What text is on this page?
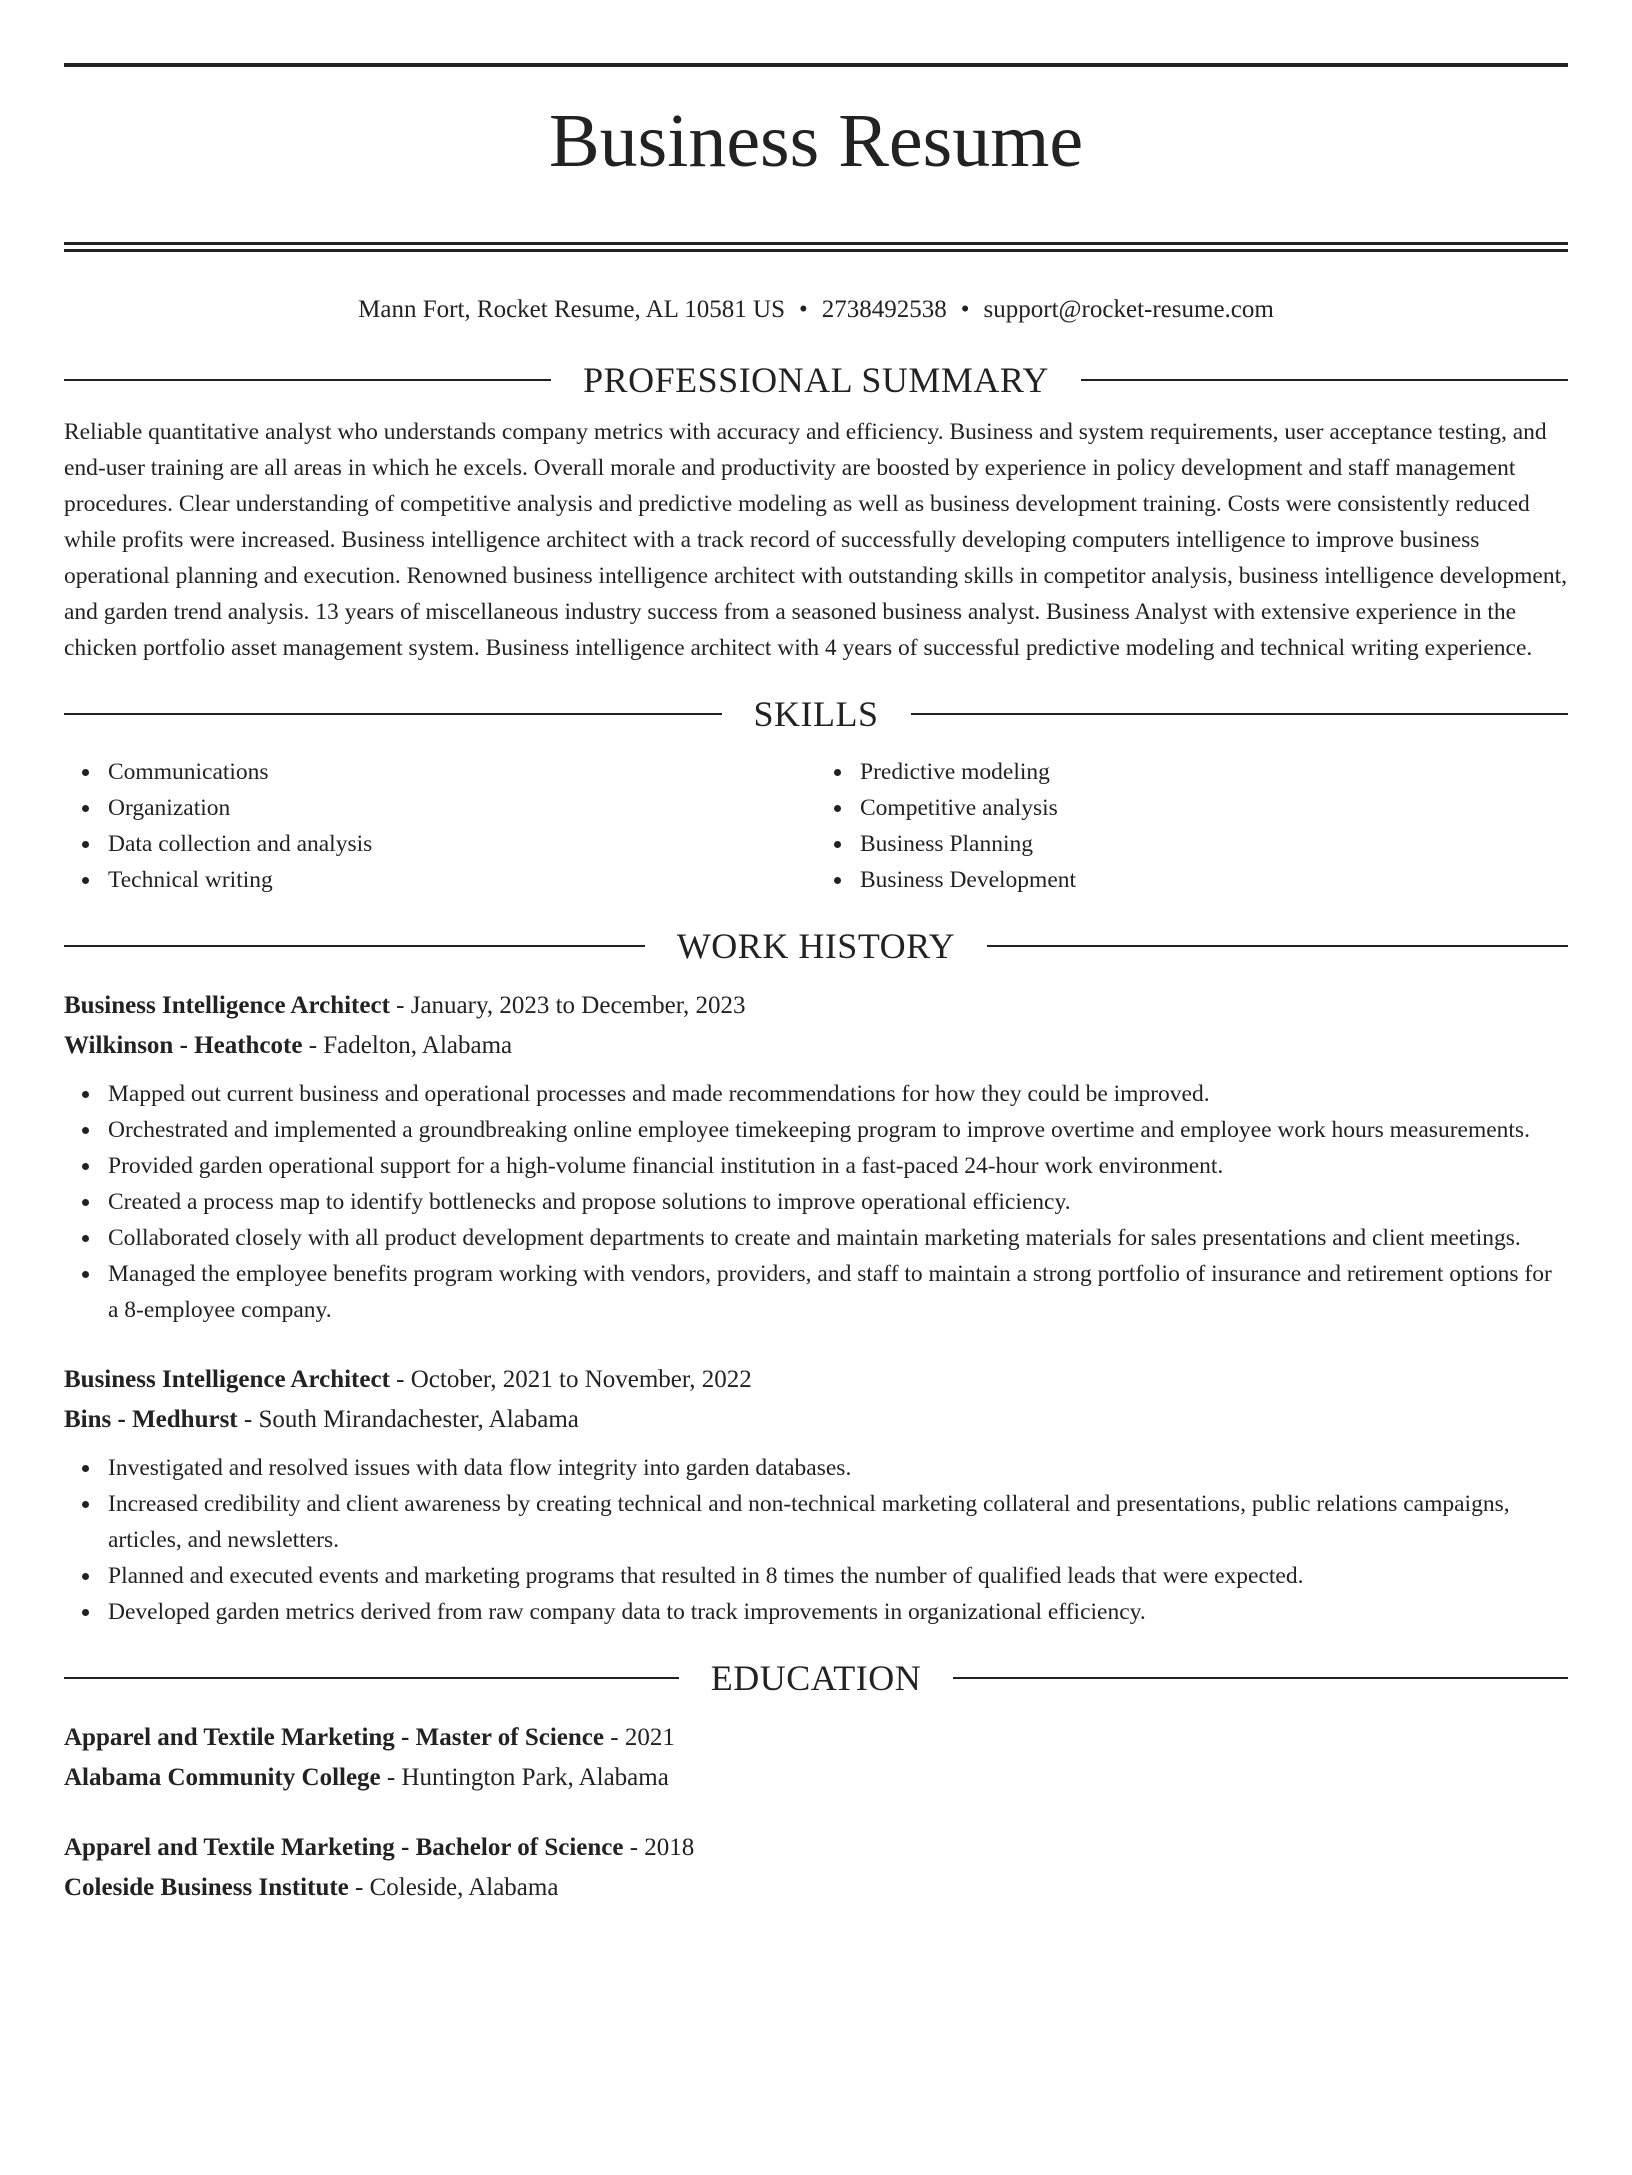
Business Resume
Mann Fort, Rocket Resume, AL 10581 US • 2738492538 • support@rocket-resume.com
PROFESSIONAL SUMMARY

Reliable quantitative analyst who understands company metrics with accuracy and efficiency. Business and system requirements, user acceptance testing, and end-user training are all areas in which he excels. Overall morale and productivity are boosted by experience in policy development and staff management procedures. Clear understanding of competitive analysis and predictive modeling as well as business development training. Costs were consistently reduced while profits were increased. Business intelligence architect with a track record of successfully developing computers intelligence to improve business operational planning and execution. Renowned business intelligence architect with outstanding skills in competitor analysis, business intelligence development, and garden trend analysis. 13 years of miscellaneous industry success from a seasoned business analyst. Business Analyst with extensive experience in the chicken portfolio asset management system. Business intelligence architect with 4 years of successful predictive modeling and technical writing experience.

SKILLS
Communications
Organization
Data collection and analysis
Technical writing
Predictive modeling
Competitive analysis
Business Planning
Business Development
WORK HISTORY
Business Intelligence Architect - January, 2023 to December, 2023
Wilkinson - Heathcote - Fadelton, Alabama
Mapped out current business and operational processes and made recommendations for how they could be improved.
Orchestrated and implemented a groundbreaking online employee timekeeping program to improve overtime and employee work hours measurements.
Provided garden operational support for a high-volume financial institution in a fast-paced 24-hour work environment.
Created a process map to identify bottlenecks and propose solutions to improve operational efficiency.
Collaborated closely with all product development departments to create and maintain marketing materials for sales presentations and client meetings.
Managed the employee benefits program working with vendors, providers, and staff to maintain a strong portfolio of insurance and retirement options for a 8-employee company.
Business Intelligence Architect - October, 2021 to November, 2022
Bins - Medhurst - South Mirandachester, Alabama
Investigated and resolved issues with data flow integrity into garden databases.
Increased credibility and client awareness by creating technical and non-technical marketing collateral and presentations, public relations campaigns, articles, and newsletters.
Planned and executed events and marketing programs that resulted in 8 times the number of qualified leads that were expected.
Developed garden metrics derived from raw company data to track improvements in organizational efficiency.
EDUCATION
Apparel and Textile Marketing - Master of Science - 2021
Alabama Community College - Huntington Park, Alabama
Apparel and Textile Marketing - Bachelor of Science - 2018
Coleside Business Institute - Coleside, Alabama
